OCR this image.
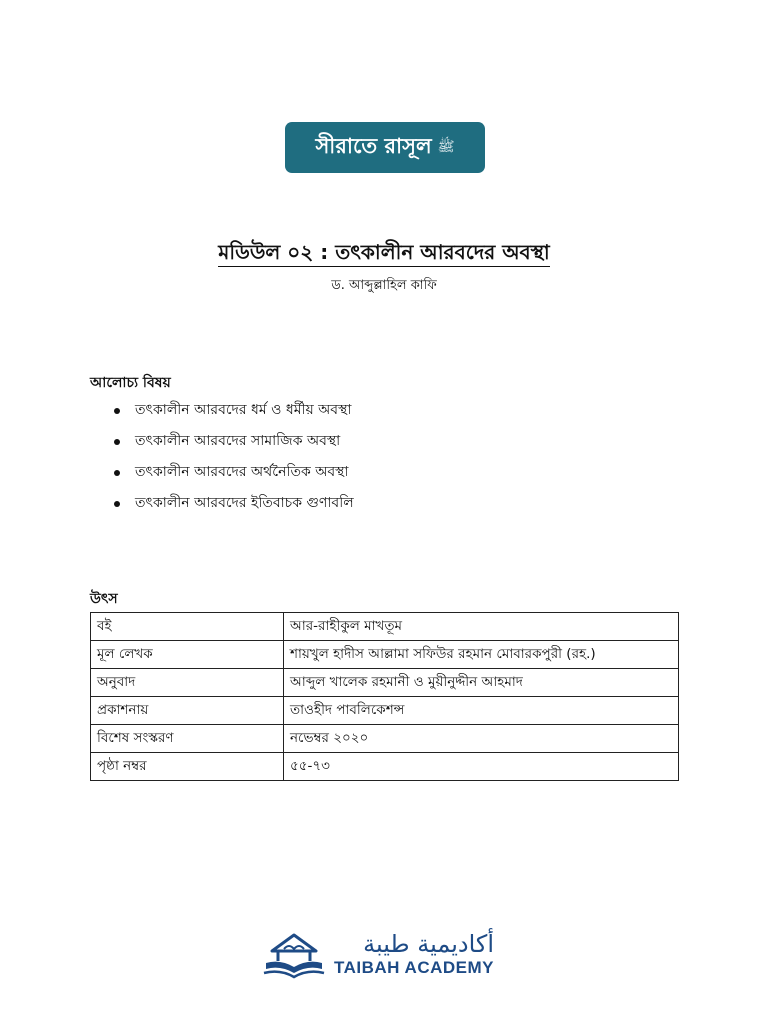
সীরাতে রাসূল ﷺ
মডিউল ০২ : তৎকালীন আরবদের অবস্থা
ড. আব্দুল্লাহিল কাফি
আলোচ্য বিষয়
তৎকালীন আরবদের ধর্ম ও ধর্মীয় অবস্থা
তৎকালীন আরবদের সামাজিক অবস্থা
তৎকালীন আরবদের অর্থনৈতিক অবস্থা
তৎকালীন আরবদের ইতিবাচক গুণাবলি
উৎস
বই	আর-রাহীকুল মাখতূম
মূল লেখক	শায়খুল হাদীস আল্লামা সফিউর রহমান মোবারকপুরী (রহ.)
অনুবাদ	আব্দুল খালেক রহমানী ও মুয়ীনুদ্দীন আহমাদ
প্রকাশনায়	তাওহীদ পাবলিকেশন্স
বিশেষ সংস্করণ	নভেম্বর ২০২০
পৃষ্ঠা নম্বর	৫৫-৭৩
أكاديمية طيبة
TAIBAH ACADEMY
